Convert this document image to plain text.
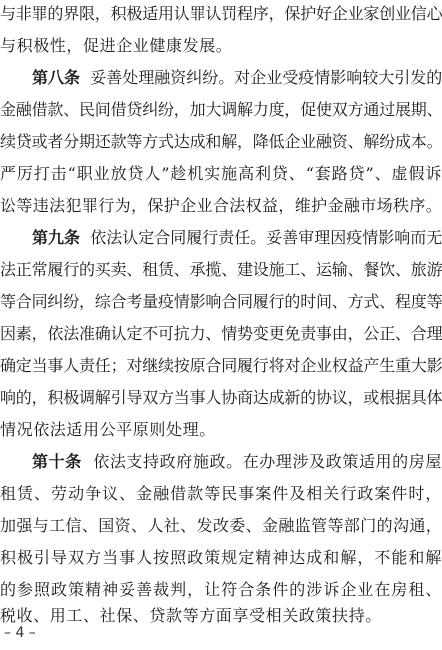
与非罪的界限，积极适用认罪认罚程序，保护好企业家创业信心
与积极性，促进企业健康发展。
第八条 妥善处理融资纠纷。对企业受疫情影响较大引发的
金融借款、民间借贷纠纷，加大调解力度，促使双方通过展期、
续贷或者分期还款等方式达成和解，降低企业融资、解纷成本。
严厉打击“职业放贷人”趁机实施高利贷、“套路贷”、虚假诉
讼等违法犯罪行为，保护企业合法权益，维护金融市场秩序。
第九条 依法认定合同履行责任。妥善审理因疫情影响而无
法正常履行的买卖、租赁、承揽、建设施工、运输、餐饮、旅游
等合同纠纷，综合考量疫情影响合同履行的时间、方式、程度等
因素，依法准确认定不可抗力、情势变更免责事由，公正、合理
确定当事人责任；对继续按原合同履行将对企业权益产生重大影
响的，积极调解引导双方当事人协商达成新的协议，或根据具体
情况依法适用公平原则处理。
第十条 依法支持政府施政。在办理涉及政策适用的房屋
租赁、劳动争议、金融借款等民事案件及相关行政案件时，
加强与工信、国资、人社、发改委、金融监管等部门的沟通，
积极引导双方当事人按照政策规定精神达成和解，不能和解
的参照政策精神妥善裁判，让符合条件的涉诉企业在房租、
税收、用工、社保、贷款等方面享受相关政策扶持。
– 4 –
